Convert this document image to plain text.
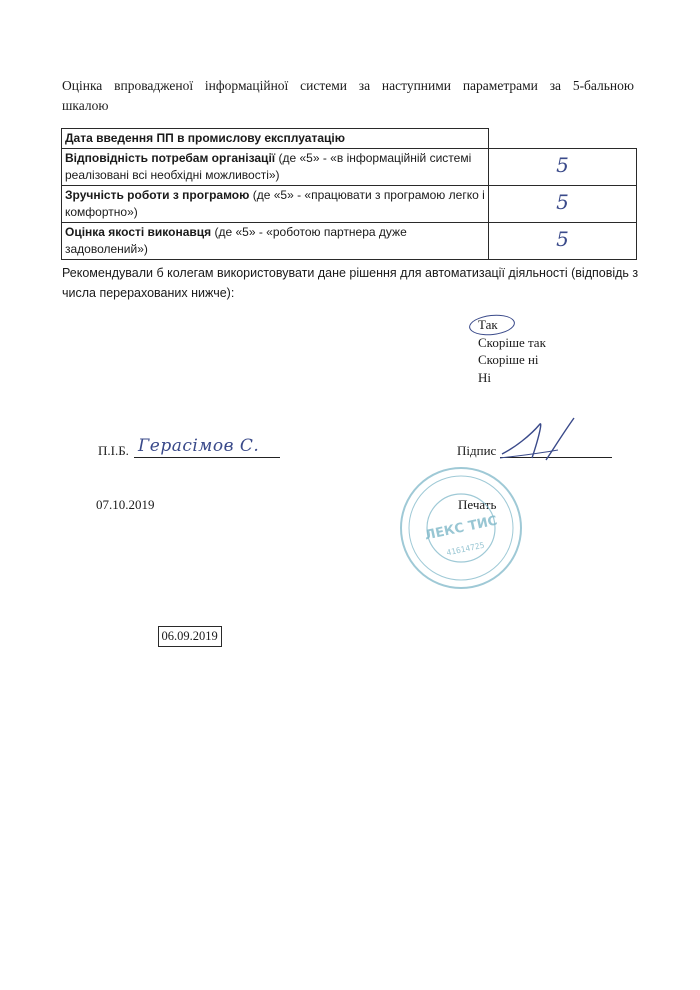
Оцінка впровадженої інформаційної системи за наступними параметрами за 5-бальною шкалою
Дата введення ПП в промислову експлуатацію	
06.09.2019

Відповідність потребам організації (де «5» - «в інформаційній системі реалізовані всі необхідні можливості»)	5
Зручність роботи з програмою (де «5» - «працювати з програмою легко і комфортно»)	5
Оцінка якості виконавця (де «5» - «роботою партнера дуже задоволений»)	5
Рекомендували б колегам використовувати дане рішення для автоматизації діяльності (відповідь з числа перерахованих нижче):
Так
Скоріше так
Скоріше ні
Ні
П.І.Б. Герасімов С.	Підпис
07.10.2019	Печать
ЛЕКС ТИС
41614725
